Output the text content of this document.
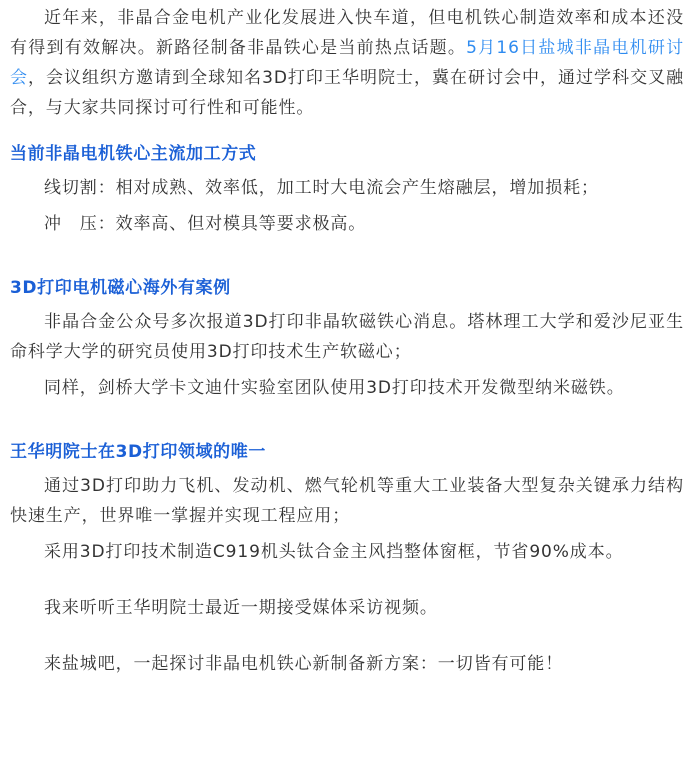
近年来，非晶合金电机产业化发展进入快车道，但电机铁心制造效率和成本还没有得到有效解决。新路径制备非晶铁心是当前热点话题。5月16日盐城非晶电机研讨会，会议组织方邀请到全球知名3D打印王华明院士，冀在研讨会中，通过学科交叉融合，与大家共同探讨可行性和可能性。

当前非晶电机铁心主流加工方式

线切割：相对成熟、效率低，加工时大电流会产生熔融层，增加损耗；

冲　压：效率高、但对模具等要求极高。

3D打印电机磁心海外有案例

非晶合金公众号多次报道3D打印非晶软磁铁心消息。塔林理工大学和爱沙尼亚生命科学大学的研究员使用3D打印技术生产软磁心；

同样，剑桥大学卡文迪什实验室团队使用3D打印技术开发微型纳米磁铁。

王华明院士在3D打印领域的唯一

通过3D打印助力飞机、发动机、燃气轮机等重大工业装备大型复杂关键承力结构快速生产，世界唯一掌握并实现工程应用；

采用3D打印技术制造C919机头钛合金主风挡整体窗框，节省90%成本。

我来听听王华明院士最近一期接受媒体采访视频。

来盐城吧，一起探讨非晶电机铁心新制备新方案：一切皆有可能！
